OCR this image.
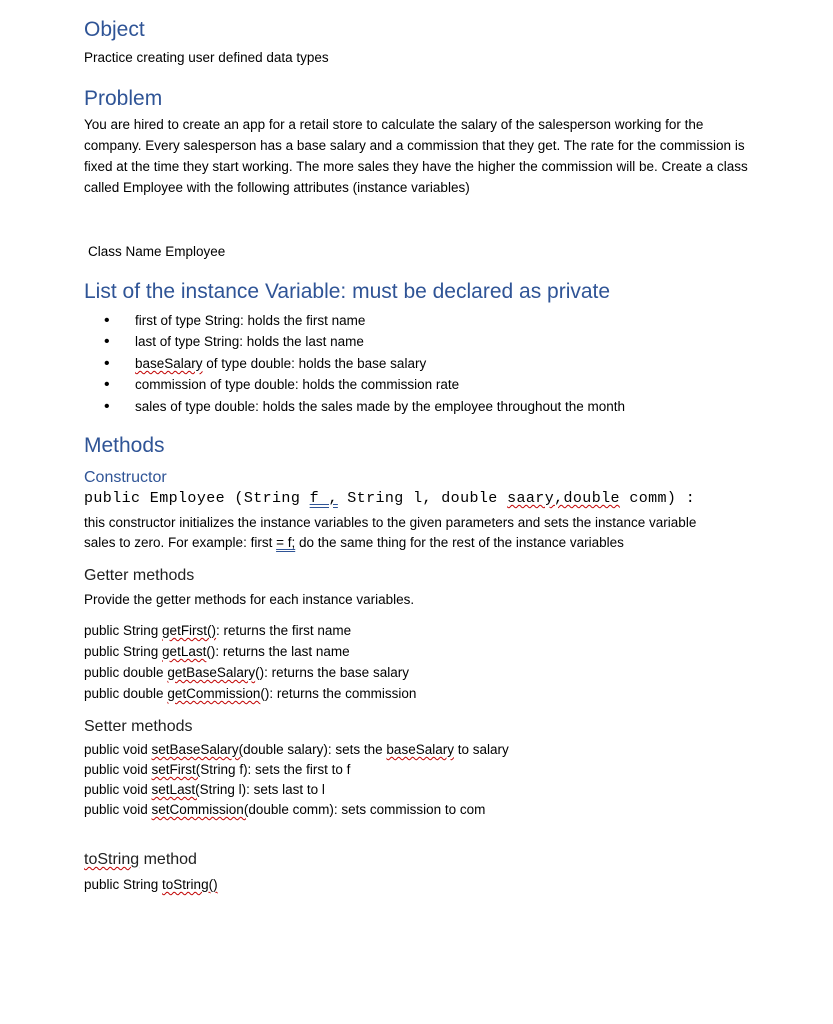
Object
Practice creating user defined data types
Problem
You are hired to create an app for a retail store to calculate the salary of the salesperson working for the company. Every salesperson has a base salary and a commission that they get. The rate for the commission is fixed at the time they start working. The more sales they have the higher the commission will be. Create a class called Employee with the following attributes (instance variables)
Class Name Employee
List of the instance Variable: must be declared as private
• first of type String: holds the first name
• last of type String: holds the last name
• baseSalary of type double: holds the base salary
• commission of type double: holds the commission rate
• sales of type double: holds the sales made by the employee throughout the month
Methods
Constructor
public Employee (String f , String l, double saary,double comm) :
this constructor initializes the instance variables to the given parameters and sets the instance variable
sales to zero. For example: first = f; do the same thing for the rest of the instance variables
Getter methods
Provide the getter methods for each instance variables.
public String getFirst(): returns the first name
public String getLast(): returns the last name
public double getBaseSalary(): returns the base salary
public double getCommission(): returns the commission
Setter methods
public void setBaseSalary(double salary): sets the baseSalary to salary
public void setFirst(String f): sets the first to f
public void setLast(String l): sets last to l
public void setCommission(double comm): sets commission to com
toString method
public String toString()
